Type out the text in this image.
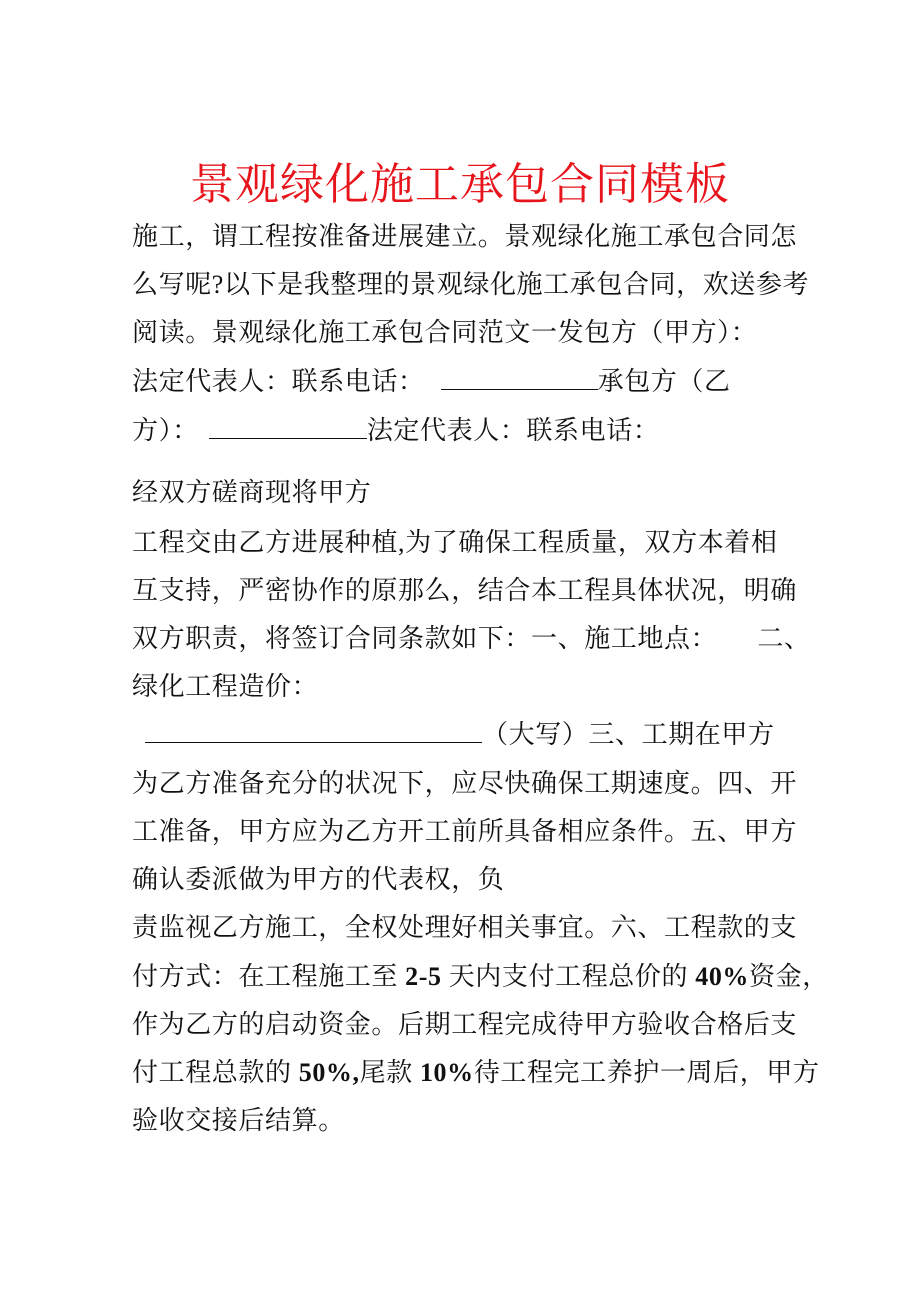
景观绿化施工承包合同模板
施工，谓工程按准备进展建立。景观绿化施工承包合同怎
么写呢?以下是我整理的景观绿化施工承包合同，欢送参考
阅读。景观绿化施工承包合同范文一发包方（甲方）：
法定代表人：联系电话：	承包方（乙
方）：	法定代表人：联系电话：
经双方磋商现将甲方
工程交由乙方进展种植,为了确保工程质量，双方本着相
互支持，严密协作的原那么，结合本工程具体状况，明确
双方职责，将签订合同条款如下：一、施工地点：　　二、
绿化工程造价：
（大写）三、工期在甲方
为乙方准备充分的状况下，应尽快确保工期速度。四、开
工准备，甲方应为乙方开工前所具备相应条件。五、甲方
确认委派做为甲方的代表权，负
责监视乙方施工，全权处理好相关事宜。六、工程款的支
付方式：在工程施工至 2-5 天内支付工程总价的 40%资金，
作为乙方的启动资金。后期工程完成待甲方验收合格后支
付工程总款的 50%,尾款 10%待工程完工养护一周后，甲方
验收交接后结算。
